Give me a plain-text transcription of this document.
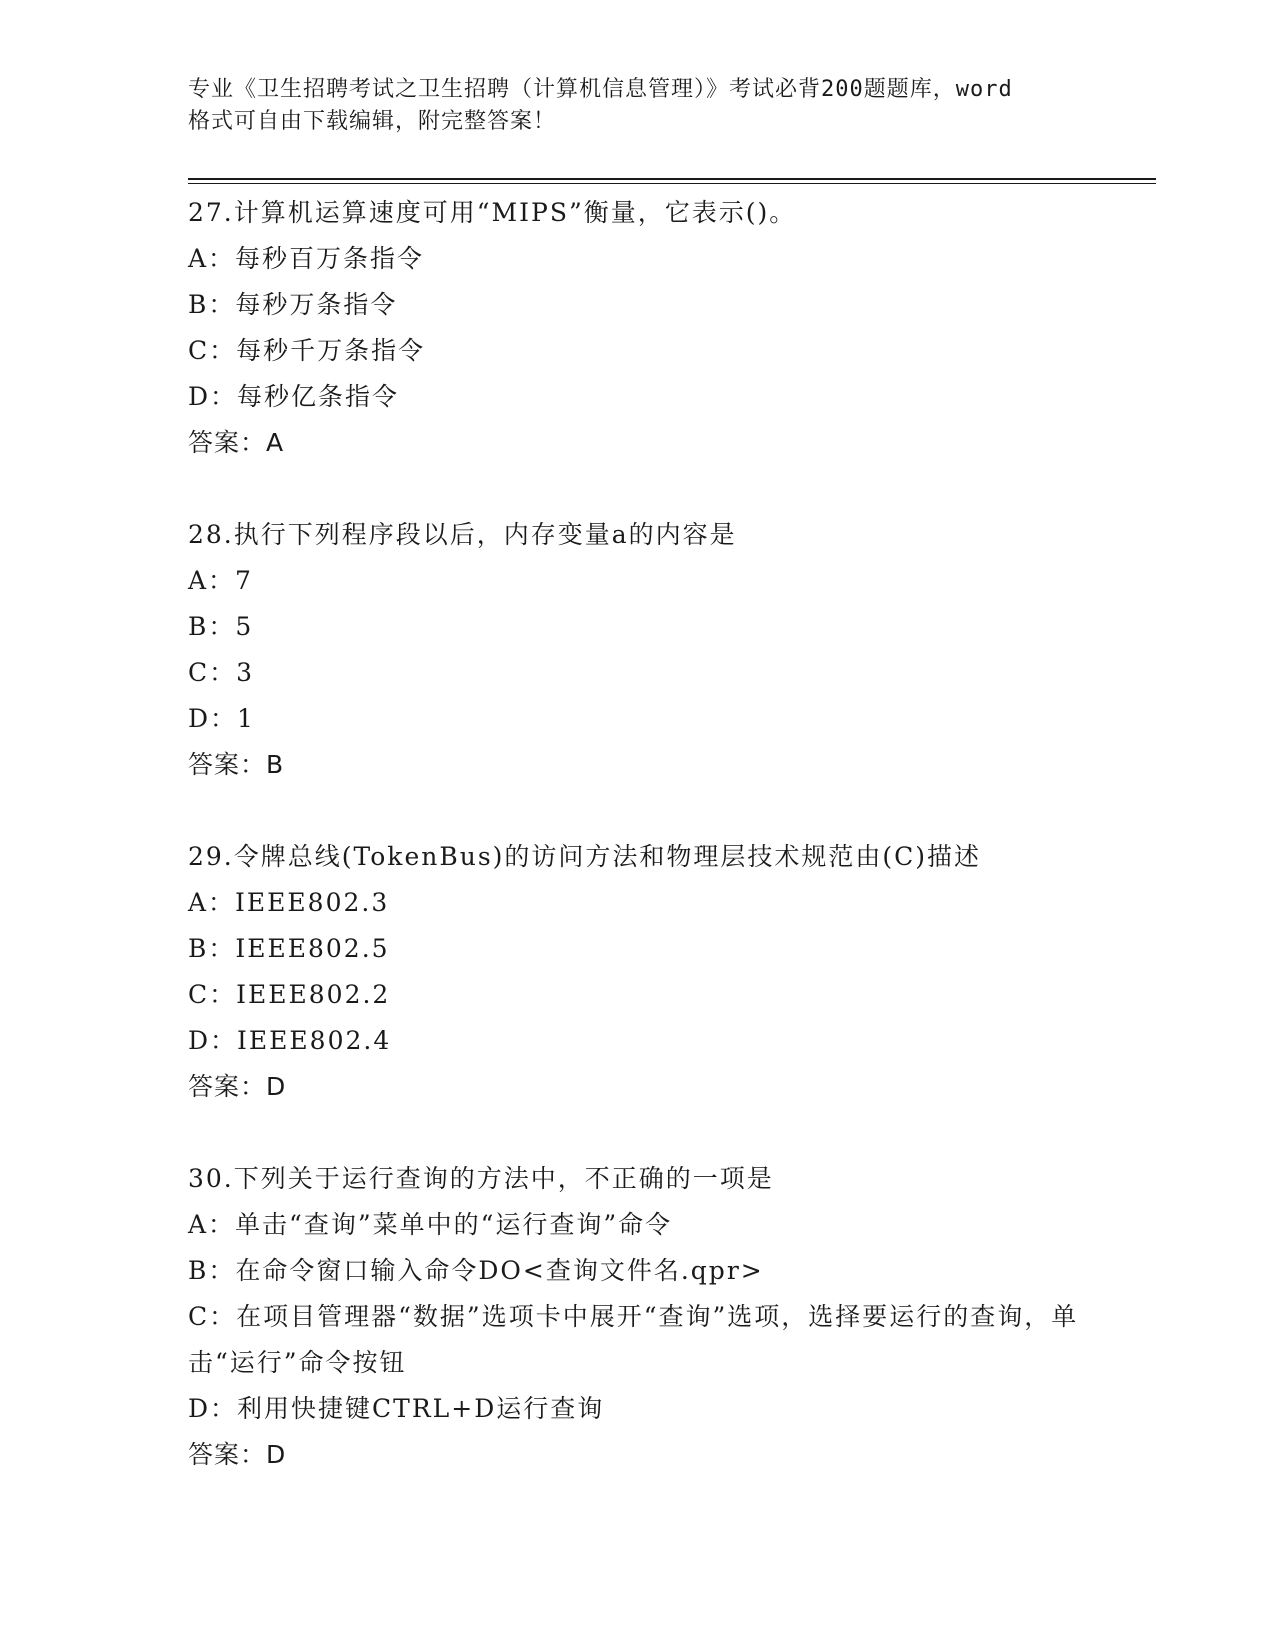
专业《卫生招聘考试之卫生招聘（计算机信息管理）》考试必背200题题库，word
格式可自由下载编辑，附完整答案！
27.计算机运算速度可用“MIPS”衡量，它表示()。
A：每秒百万条指令
B：每秒万条指令
C：每秒千万条指令
D：每秒亿条指令
答案：A
28.执行下列程序段以后，内存变量a的内容是
A：7
B：5
C：3
D：1
答案：B
29.令牌总线(TokenBus)的访问方法和物理层技术规范由(C)描述
A：IEEE802.3
B：IEEE802.5
C：IEEE802.2
D：IEEE802.4
答案：D
30.下列关于运行查询的方法中，不正确的一项是
A：单击“查询”菜单中的“运行查询”命令
B：在命令窗口输入命令DO<查询文件名.qpr>
C：在项目管理器“数据”选项卡中展开“查询”选项，选择要运行的查询，单击“运行”命令按钮
D：利用快捷键CTRL+D运行查询
答案：D
